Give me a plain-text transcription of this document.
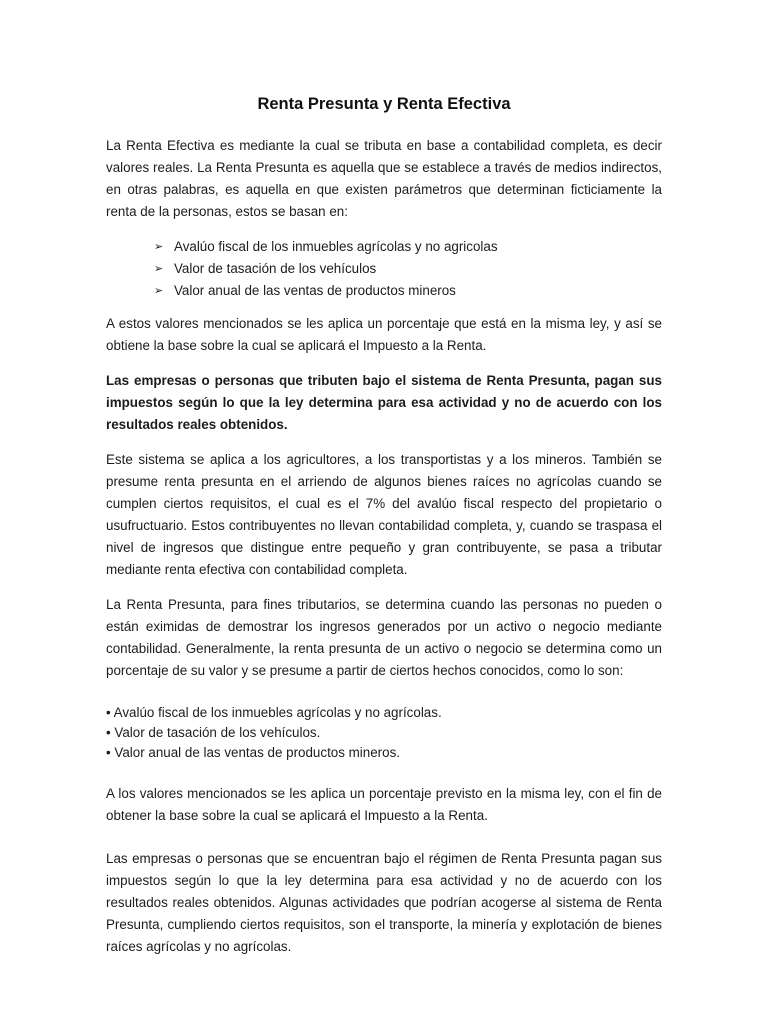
Renta Presunta y Renta Efectiva

La Renta Efectiva es mediante la cual se tributa en base a contabilidad completa, es decir valores reales. La Renta Presunta es aquella que se establece a través de medios indirectos, en otras palabras, es aquella en que existen parámetros que determinan ficticiamente la renta de la personas, estos se basan en:

➢ Avalúo fiscal de los inmuebles agrícolas y no agricolas
➢ Valor de tasación de los vehículos
➢ Valor anual de las ventas de productos mineros

A estos valores mencionados se les aplica un porcentaje que está en la misma ley, y así se obtiene la base sobre la cual se aplicará el Impuesto a la Renta.

Las empresas o personas que tributen bajo el sistema de Renta Presunta, pagan sus impuestos según lo que la ley determina para esa actividad y no de acuerdo con los resultados reales obtenidos.

Este sistema se aplica a los agricultores, a los transportistas y a los mineros. También se presume renta presunta en el arriendo de algunos bienes raíces no agrícolas cuando se cumplen ciertos requisitos, el cual es el 7% del avalúo fiscal respecto del propietario o usufructuario. Estos contribuyentes no llevan contabilidad completa, y, cuando se traspasa el nivel de ingresos que distingue entre pequeño y gran contribuyente, se pasa a tributar mediante renta efectiva con contabilidad completa.

La Renta Presunta, para fines tributarios, se determina cuando las personas no pueden o están eximidas de demostrar los ingresos generados por un activo o negocio mediante contabilidad. Generalmente, la renta presunta de un activo o negocio se determina como un porcentaje de su valor y se presume a partir de ciertos hechos conocidos, como lo son:

• Avalúo fiscal de los inmuebles agrícolas y no agrícolas.
• Valor de tasación de los vehículos.
• Valor anual de las ventas de productos mineros.

A los valores mencionados se les aplica un porcentaje previsto en la misma ley, con el fin de obtener la base sobre la cual se aplicará el Impuesto a la Renta.

Las empresas o personas que se encuentran bajo el régimen de Renta Presunta pagan sus impuestos según lo que la ley determina para esa actividad y no de acuerdo con los resultados reales obtenidos. Algunas actividades que podrían acogerse al sistema de Renta Presunta, cumpliendo ciertos requisitos, son el transporte, la minería y explotación de bienes raíces agrícolas y no agrícolas.
